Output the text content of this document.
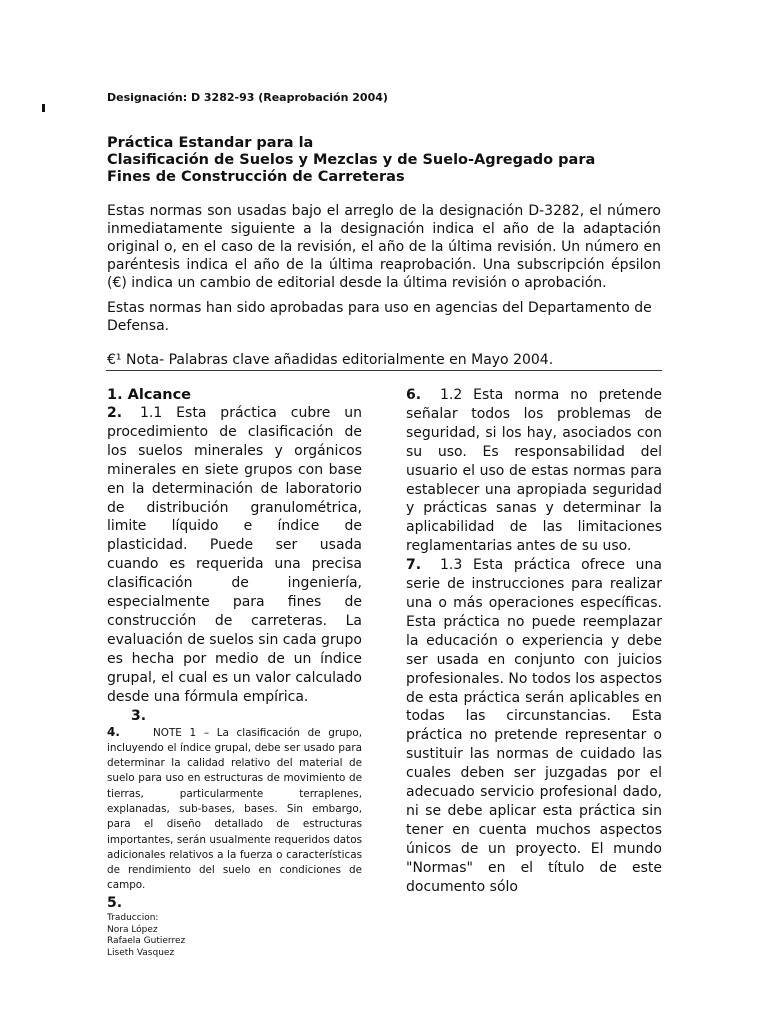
Designación: D 3282-93 (Reaprobación 2004)
Práctica Estandar para la
Clasificación de Suelos y Mezclas y de Suelo-Agregado para
Fines de Construcción de Carreteras

Estas normas son usadas bajo el arreglo de la designación D-3282, el número inmediatamente siguiente a la designación indica el año de la adaptación original o, en el caso de la revisión, el año de la última revisión. Un número en paréntesis indica el año de la última reaprobación. Una subscripción épsilon (€) indica un cambio de editorial desde la última revisión o aprobación.

Estas normas han sido aprobadas para uso en agencias del Departamento de Defensa.

€¹ Nota- Palabras clave añadidas editorialmente en Mayo 2004.

1. Alcance

2. 1.1 Esta práctica cubre un procedimiento de clasificación de los suelos minerales y orgánicos minerales en siete grupos con base en la determinación de laboratorio de distribución granulométrica, limite líquido e índice de plasticidad. Puede ser usada cuando es requerida una precisa clasificación de ingeniería, especialmente para fines de construcción de carreteras. La evaluación de suelos sin cada grupo es hecha por medio de un índice grupal, el cual es un valor calculado desde una fórmula empírica.

3.

4.	NOTE 1 – La clasificación de grupo, incluyendo el índice grupal, debe ser usado para determinar la calidad relativo del material de suelo para uso en estructuras de movimiento de tierras, particularmente terraplenes, explanadas, sub-bases, bases. Sin embargo, para el diseño detallado de estructuras importantes, serán usualmente requeridos datos adicionales relativos a la fuerza o características de rendimiento del suelo en condiciones de campo.

5.

6. 1.2 Esta norma no pretende señalar todos los problemas de seguridad, si los hay, asociados con su uso. Es responsabilidad del usuario el uso de estas normas para establecer una apropiada seguridad y prácticas sanas y determinar la aplicabilidad de las limitaciones reglamentarias antes de su uso.

7. 1.3 Esta práctica ofrece una serie de instrucciones para realizar una o más operaciones específicas. Esta práctica no puede reemplazar la educación o experiencia y debe ser usada en conjunto con juicios profesionales. No todos los aspectos de esta práctica serán aplicables en todas las circunstancias. Esta práctica no pretende representar o sustituir las normas de cuidado las cuales deben ser juzgadas por el adecuado servicio profesional dado, ni se debe aplicar esta práctica sin tener en cuenta muchos aspectos únicos de un proyecto. El mundo "Normas" en el título de este documento sólo

Traduccion:
Nora López
Rafaela Gutierrez
Liseth Vasquez
